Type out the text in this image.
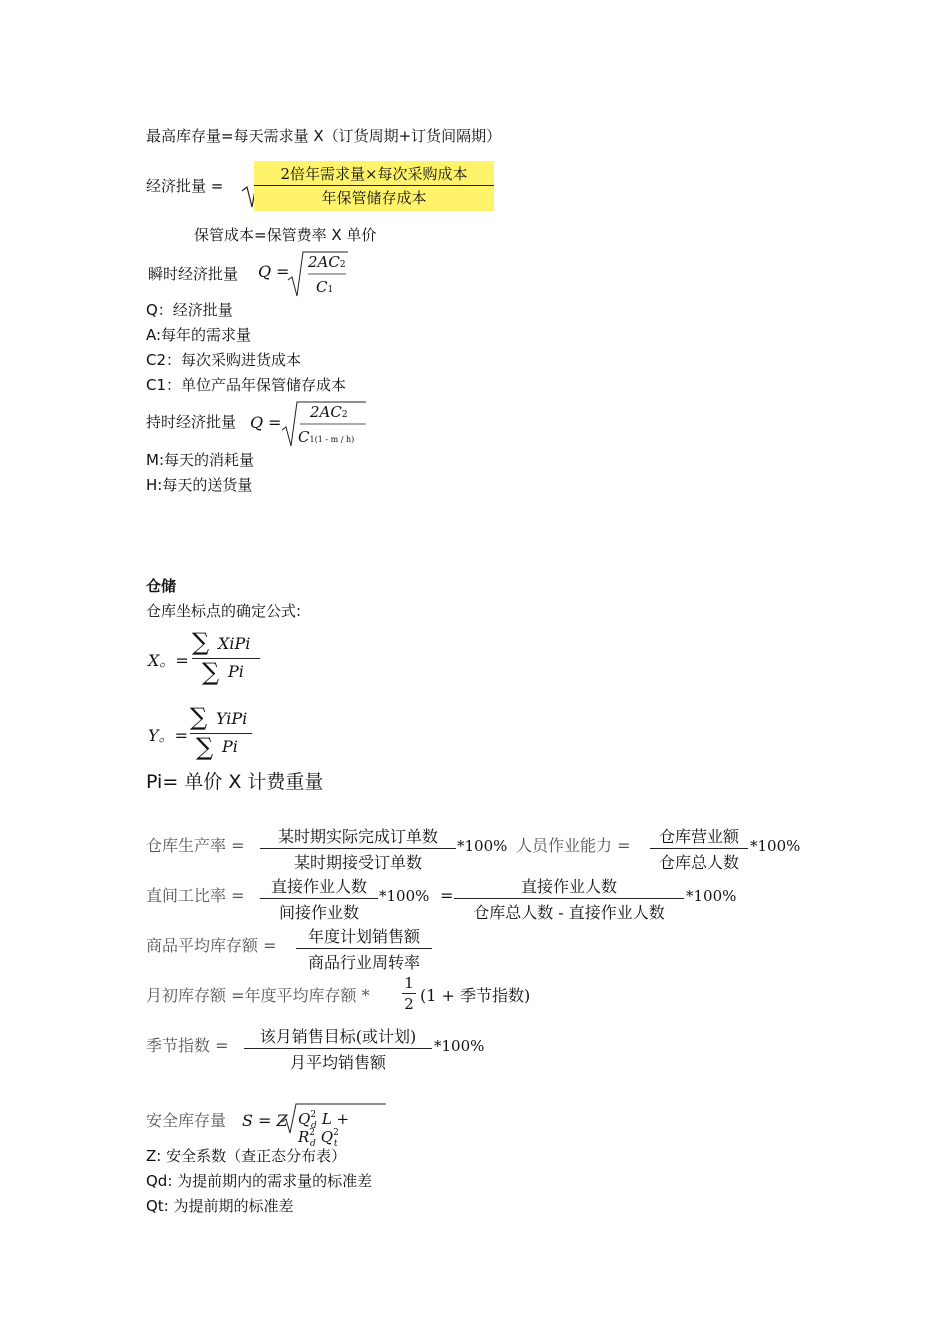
最高库存量=每天需求量 X（订货周期+订货间隔期）
经济批量 =
2倍年需求量×每次采购成本
年保管储存成本
保管成本=保管费率 X 单价
瞬时经济批量 Q = 2AC2
C1
Q：经济批量
A:每年的需求量
C2：每次采购进货成本
C1：单位产品年保管储存成本
持时经济批量 Q =
2AC2
C1(1 - m / h)
M:每天的消耗量
H:每天的送货量
仓储
仓库坐标点的确定公式:
X。=
∑ XiPi
∑ Pi
Y。=
∑ YiPi
∑ Pi
Pi= 单价 X 计费重量
仓库生产率 =	某时期实际完成订单数
某时期接受订单数
*100% 人员作业能力 =	仓库营业额
仓库总人数
*100%
直间工比率 =	直接作业人数
间接作业数
*100% =	直接作业人数
仓库总人数 - 直接作业人数
*100%
商品平均库存额 =	年度计划销售额
商品行业周转率
月初库存额 =年度平均库存额 *
1
2 (1 + 季节指数)
季节指数 =	该月销售目标(或计划)
月平均销售额
*100%
安全库存量 S = Z $Q^2_d$ $L + R^2_d$ $Q^2_t$
Z: 安全系数（查正态分布表）
Qd: 为提前期内的需求量的标准差
Qt: 为提前期的标准差
